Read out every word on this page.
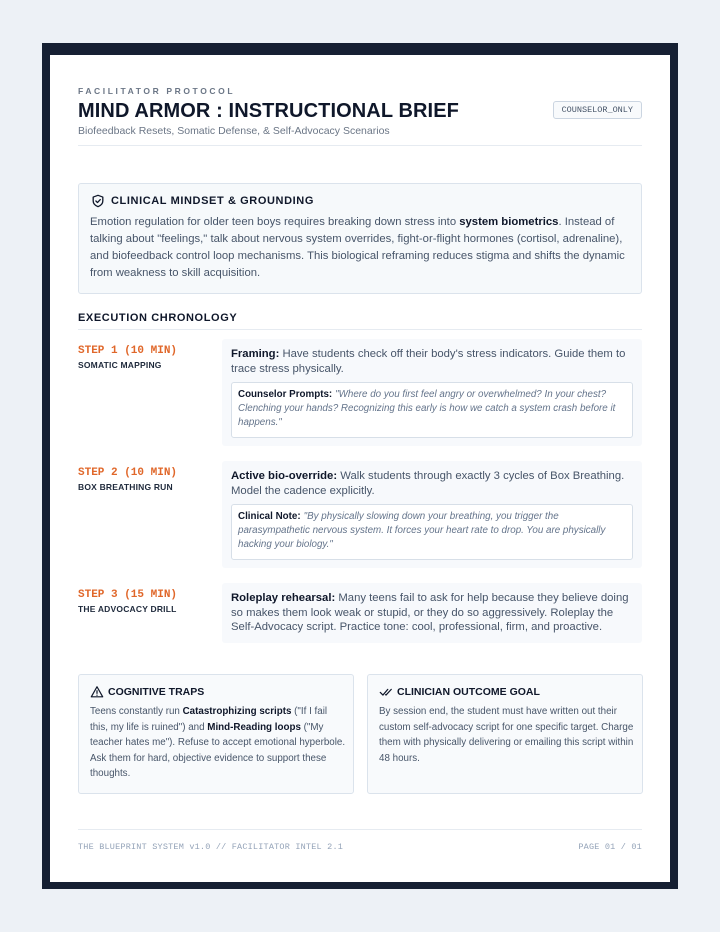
FACILITATOR PROTOCOL
MIND ARMOR : INSTRUCTIONAL BRIEF
Biofeedback Resets, Somatic Defense, & Self-Advocacy Scenarios
COUNSELOR_ONLY
CLINICAL MINDSET & GROUNDING
Emotion regulation for older teen boys requires breaking down stress into system biometrics. Instead of talking about "feelings," talk about nervous system overrides, fight-or-flight hormones (cortisol, adrenaline), and biofeedback control loop mechanisms. This biological reframing reduces stigma and shifts the dynamic from weakness to skill acquisition.
EXECUTION CHRONOLOGY
STEP 1 (10 MIN)
SOMATIC MAPPING
Framing: Have students check off their body's stress indicators. Guide them to trace stress physically.
Counselor Prompts: "Where do you first feel angry or overwhelmed? In your chest? Clenching your hands? Recognizing this early is how we catch a system crash before it happens."
STEP 2 (10 MIN)
BOX BREATHING RUN
Active bio-override: Walk students through exactly 3 cycles of Box Breathing. Model the cadence explicitly.
Clinical Note: "By physically slowing down your breathing, you trigger the parasympathetic nervous system. It forces your heart rate to drop. You are physically hacking your biology."
STEP 3 (15 MIN)
THE ADVOCACY DRILL
Roleplay rehearsal: Many teens fail to ask for help because they believe doing so makes them look weak or stupid, or they do so aggressively. Roleplay the Self-Advocacy script. Practice tone: cool, professional, firm, and proactive.
COGNITIVE TRAPS
Teens constantly run Catastrophizing scripts ("If I fail this, my life is ruined") and Mind-Reading loops ("My teacher hates me"). Refuse to accept emotional hyperbole. Ask them for hard, objective evidence to support these thoughts.
CLINICIAN OUTCOME GOAL
By session end, the student must have written out their custom self-advocacy script for one specific target. Charge them with physically delivering or emailing this script within 48 hours.
THE BLUEPRINT SYSTEM v1.0 // FACILITATOR INTEL 2.1	PAGE 01 / 01
